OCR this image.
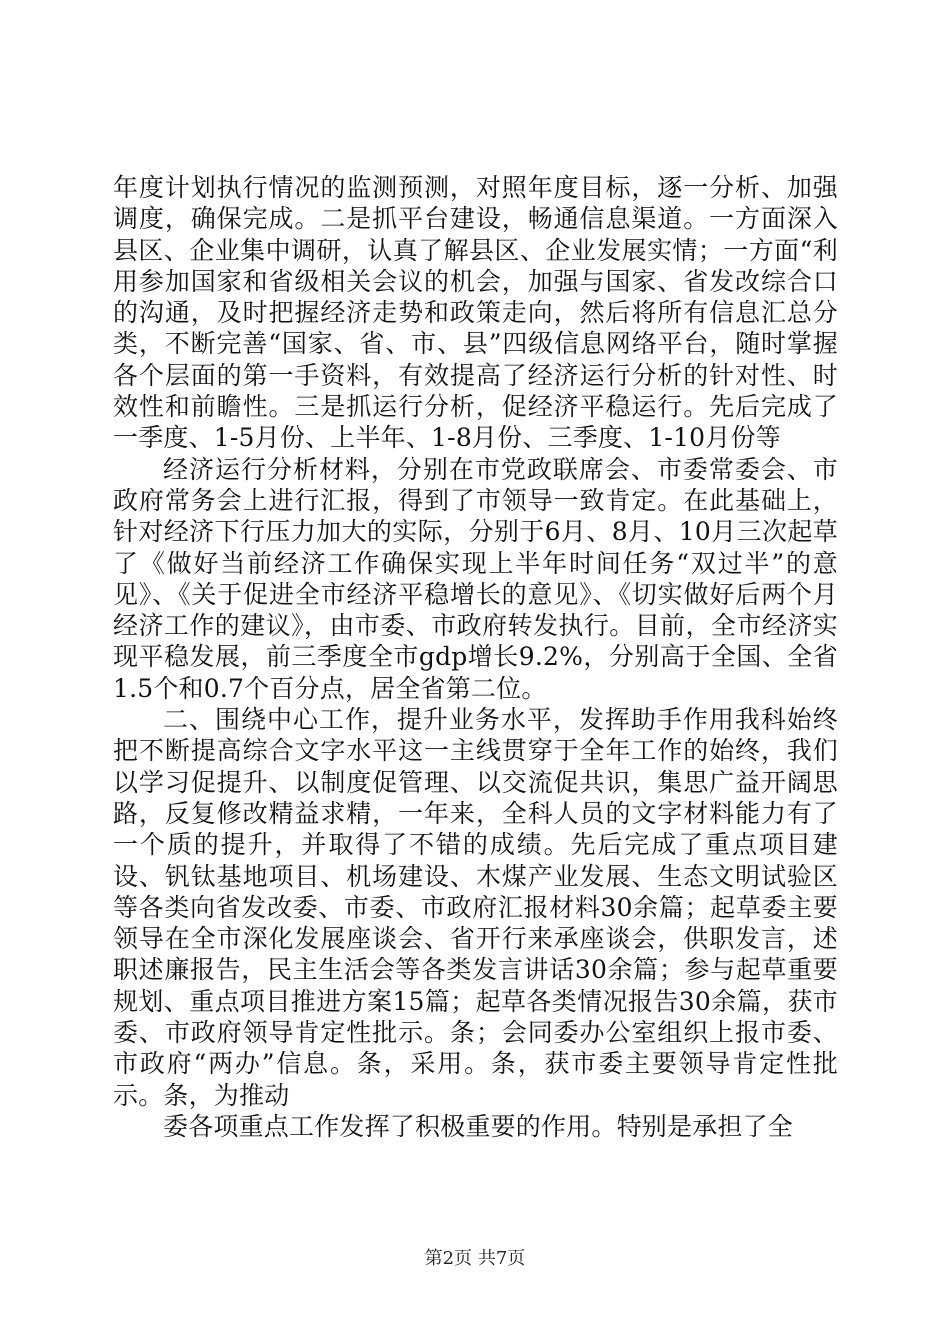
年度计划执行情况的监测预测，对照年度目标，逐一分析、加强调度，确保完成。二是抓平台建设，畅通信息渠道。一方面深入县区、企业集中调研，认真了解县区、企业发展实情；一方面“利用参加国家和省级相关会议的机会，加强与国家、省发改综合口的沟通，及时把握经济走势和政策走向，然后将所有信息汇总分类，不断完善“国家、省、市、县”四级信息网络平台，随时掌握各个层面的第一手资料，有效提高了经济运行分析的针对性、时效性和前瞻性。三是抓运行分析，促经济平稳运行。先后完成了一季度、1-5月份、上半年、1-8月份、三季度、1-10月份等

经济运行分析材料，分别在市党政联席会、市委常委会、市政府常务会上进行汇报，得到了市领导一致肯定。在此基础上，针对经济下行压力加大的实际，分别于6月、8月、10月三次起草了《做好当前经济工作确保实现上半年时间任务“双过半”的意见》、《关于促进全市经济平稳增长的意见》、《切实做好后两个月经济工作的建议》，由市委、市政府转发执行。目前，全市经济实现平稳发展，前三季度全市gdp增长9.2%，分别高于全国、全省1.5个和0.7个百分点，居全省第二位。

二、围绕中心工作，提升业务水平，发挥助手作用我科始终把不断提高综合文字水平这一主线贯穿于全年工作的始终，我们以学习促提升、以制度促管理、以交流促共识，集思广益开阔思路，反复修改精益求精，一年来，全科人员的文字材料能力有了一个质的提升，并取得了不错的成绩。先后完成了重点项目建设、钒钛基地项目、机场建设、木煤产业发展、生态文明试验区等各类向省发改委、市委、市政府汇报材料30余篇；起草委主要领导在全市深化发展座谈会、省开行来承座谈会，供职发言，述职述廉报告，民主生活会等各类发言讲话30余篇；参与起草重要规划、重点项目推进方案15篇；起草各类情况报告30余篇，获市委、市政府领导肯定性批示。条；会同委办公室组织上报市委、市政府“两办”信息。条，采用。条，获市委主要领导肯定性批示。条，为推动

委各项重点工作发挥了积极重要的作用。特别是承担了全

第2页 共7页
